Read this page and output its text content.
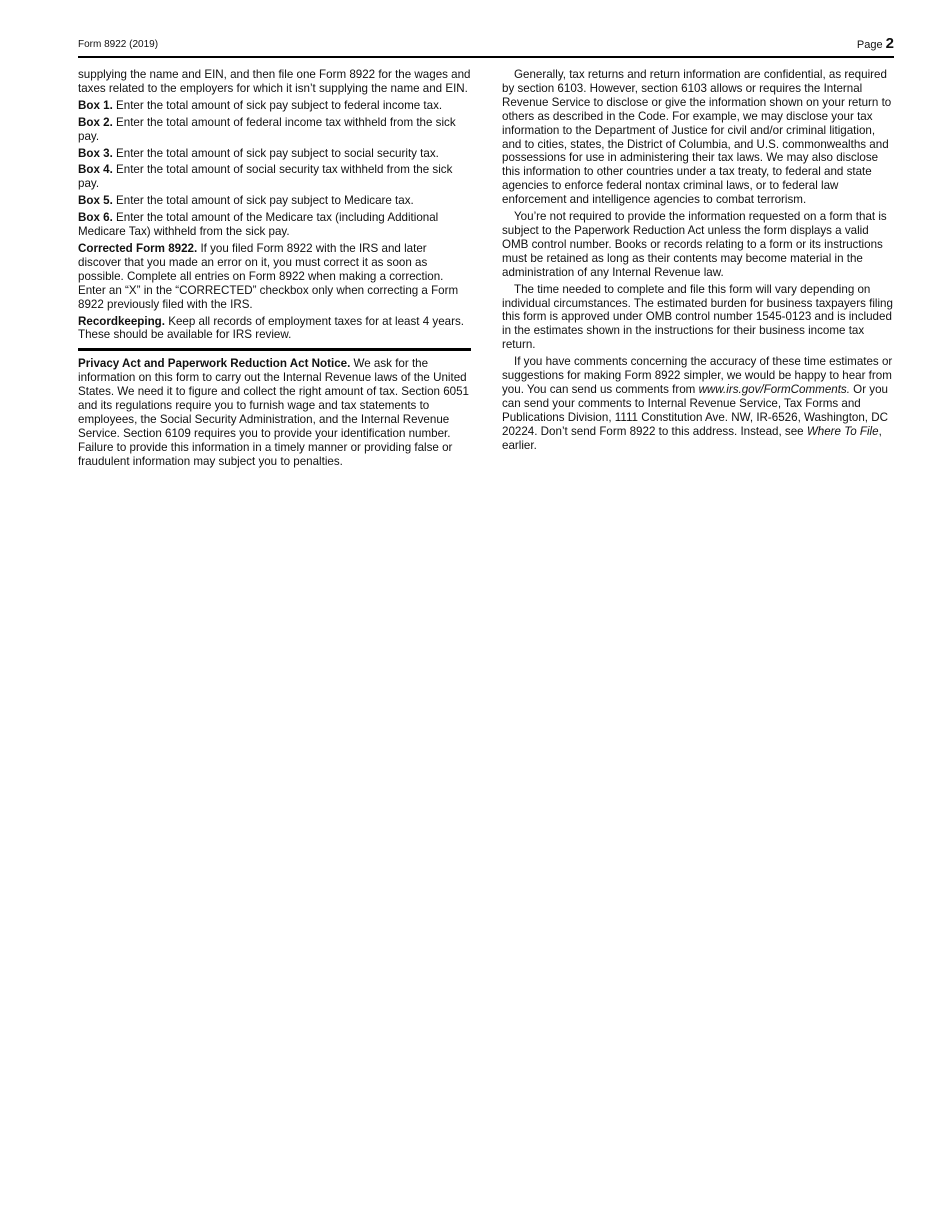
Form 8922 (2019)	Page 2

supplying the name and EIN, and then file one Form 8922 for the wages and taxes related to the employers for which it isn’t supplying the name and EIN.

Box 1. Enter the total amount of sick pay subject to federal income tax.

Box 2. Enter the total amount of federal income tax withheld from the sick pay.

Box 3. Enter the total amount of sick pay subject to social security tax.

Box 4. Enter the total amount of social security tax withheld from the sick pay.

Box 5. Enter the total amount of sick pay subject to Medicare tax.

Box 6. Enter the total amount of the Medicare tax (including Additional Medicare Tax) withheld from the sick pay.

Corrected Form 8922. If you filed Form 8922 with the IRS and later discover that you made an error on it, you must correct it as soon as possible. Complete all entries on Form 8922 when making a correction. Enter an “X” in the “CORRECTED” checkbox only when correcting a Form 8922 previously filed with the IRS.

Recordkeeping. Keep all records of employment taxes for at least 4 years. These should be available for IRS review.

Privacy Act and Paperwork Reduction Act Notice. We ask for the information on this form to carry out the Internal Revenue laws of the United States. We need it to figure and collect the right amount of tax. Section 6051 and its regulations require you to furnish wage and tax statements to employees, the Social Security Administration, and the Internal Revenue Service. Section 6109 requires you to provide your identification number. Failure to provide this information in a timely manner or providing false or fraudulent information may subject you to penalties.

Generally, tax returns and return information are confidential, as required by section 6103. However, section 6103 allows or requires the Internal Revenue Service to disclose or give the information shown on your return to others as described in the Code. For example, we may disclose your tax information to the Department of Justice for civil and/or criminal litigation, and to cities, states, the District of Columbia, and U.S. commonwealths and possessions for use in administering their tax laws. We may also disclose this information to other countries under a tax treaty, to federal and state agencies to enforce federal nontax criminal laws, or to federal law enforcement and intelligence agencies to combat terrorism.

You’re not required to provide the information requested on a form that is subject to the Paperwork Reduction Act unless the form displays a valid OMB control number. Books or records relating to a form or its instructions must be retained as long as their contents may become material in the administration of any Internal Revenue law.

The time needed to complete and file this form will vary depending on individual circumstances. The estimated burden for business taxpayers filing this form is approved under OMB control number 1545-0123 and is included in the estimates shown in the instructions for their business income tax return.

If you have comments concerning the accuracy of these time estimates or suggestions for making Form 8922 simpler, we would be happy to hear from you. You can send us comments from www.irs.gov/FormComments. Or you can send your comments to Internal Revenue Service, Tax Forms and Publications Division, 1111 Constitution Ave. NW, IR-6526, Washington, DC 20224. Don’t send Form 8922 to this address. Instead, see Where To File, earlier.
